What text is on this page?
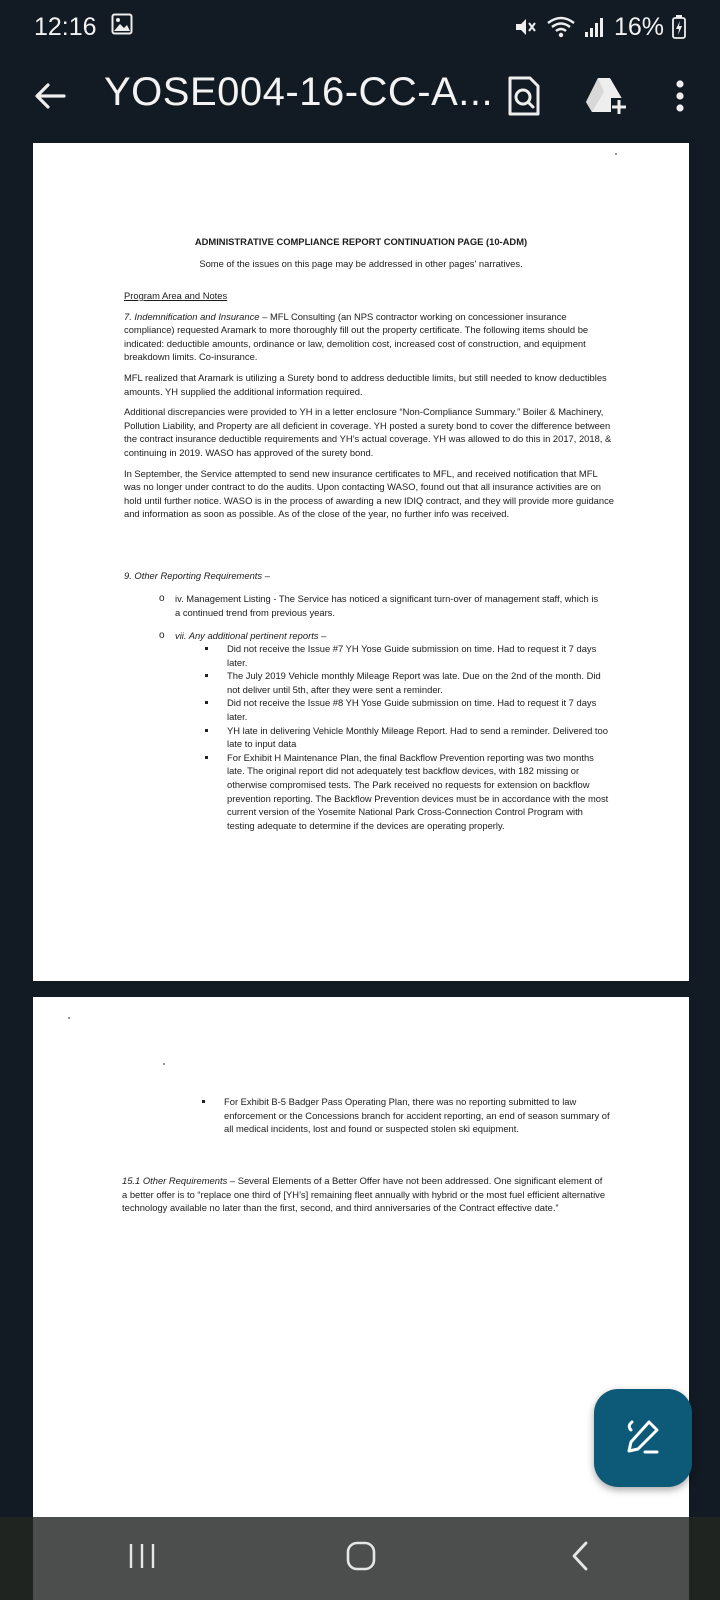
12:16	16%
YOSE004-16-CC-A...
ADMINISTRATIVE COMPLIANCE REPORT CONTINUATION PAGE (10-ADM)
Some of the issues on this page may be addressed in other pages' narratives.

Program Area and Notes

7. Indemnification and Insurance – MFL Consulting (an NPS contractor working on concessioner insurance compliance) requested Aramark to more thoroughly fill out the property certificate. The following items should be indicated: deductible amounts, ordinance or law, demolition cost, increased cost of construction, and equipment breakdown limits. Co-insurance.

MFL realized that Aramark is utilizing a Surety bond to address deductible limits, but still needed to know deductibles amounts. YH supplied the additional information required.

Additional discrepancies were provided to YH in a letter enclosure “Non-Compliance Summary.” Boiler & Machinery, Pollution Liability, and Property are all deficient in coverage. YH posted a surety bond to cover the difference between the contract insurance deductible requirements and YH’s actual coverage. YH was allowed to do this in 2017, 2018, & continuing in 2019. WASO has approved of the surety bond.

In September, the Service attempted to send new insurance certificates to MFL, and received notification that MFL was no longer under contract to do the audits. Upon contacting WASO, found out that all insurance activities are on hold until further notice. WASO is in the process of awarding a new IDIQ contract, and they will provide more guidance and information as soon as possible. As of the close of the year, no further info was received.

9. Other Reporting Requirements –

o iv. Management Listing - The Service has noticed a significant turn-over of management staff, which is a continued trend from previous years.

o vii. Any additional pertinent reports –

Did not receive the Issue #7 YH Yose Guide submission on time. Had to request it 7 days later.

The July 2019 Vehicle monthly Mileage Report was late. Due on the 2nd of the month. Did not deliver until 5th, after they were sent a reminder.

Did not receive the Issue #8 YH Yose Guide submission on time. Had to request it 7 days later.

YH late in delivering Vehicle Monthly Mileage Report. Had to send a reminder. Delivered too late to input data

For Exhibit H Maintenance Plan, the final Backflow Prevention reporting was two months late. The original report did not adequately test backflow devices, with 182 missing or otherwise compromised tests. The Park received no requests for extension on backflow prevention reporting. The Backflow Prevention devices must be in accordance with the most current version of the Yosemite National Park Cross-Connection Control Program with testing adequate to determine if the devices are operating properly.

For Exhibit B-5 Badger Pass Operating Plan, there was no reporting submitted to law enforcement or the Concessions branch for accident reporting, an end of season summary of all medical incidents, lost and found or suspected stolen ski equipment.

15.1 Other Requirements – Several Elements of a Better Offer have not been addressed. One significant element of a better offer is to “replace one third of [YH’s] remaining fleet annually with hybrid or the most fuel efficient alternative technology available no later than the first, second, and third anniversaries of the Contract effective date.”
